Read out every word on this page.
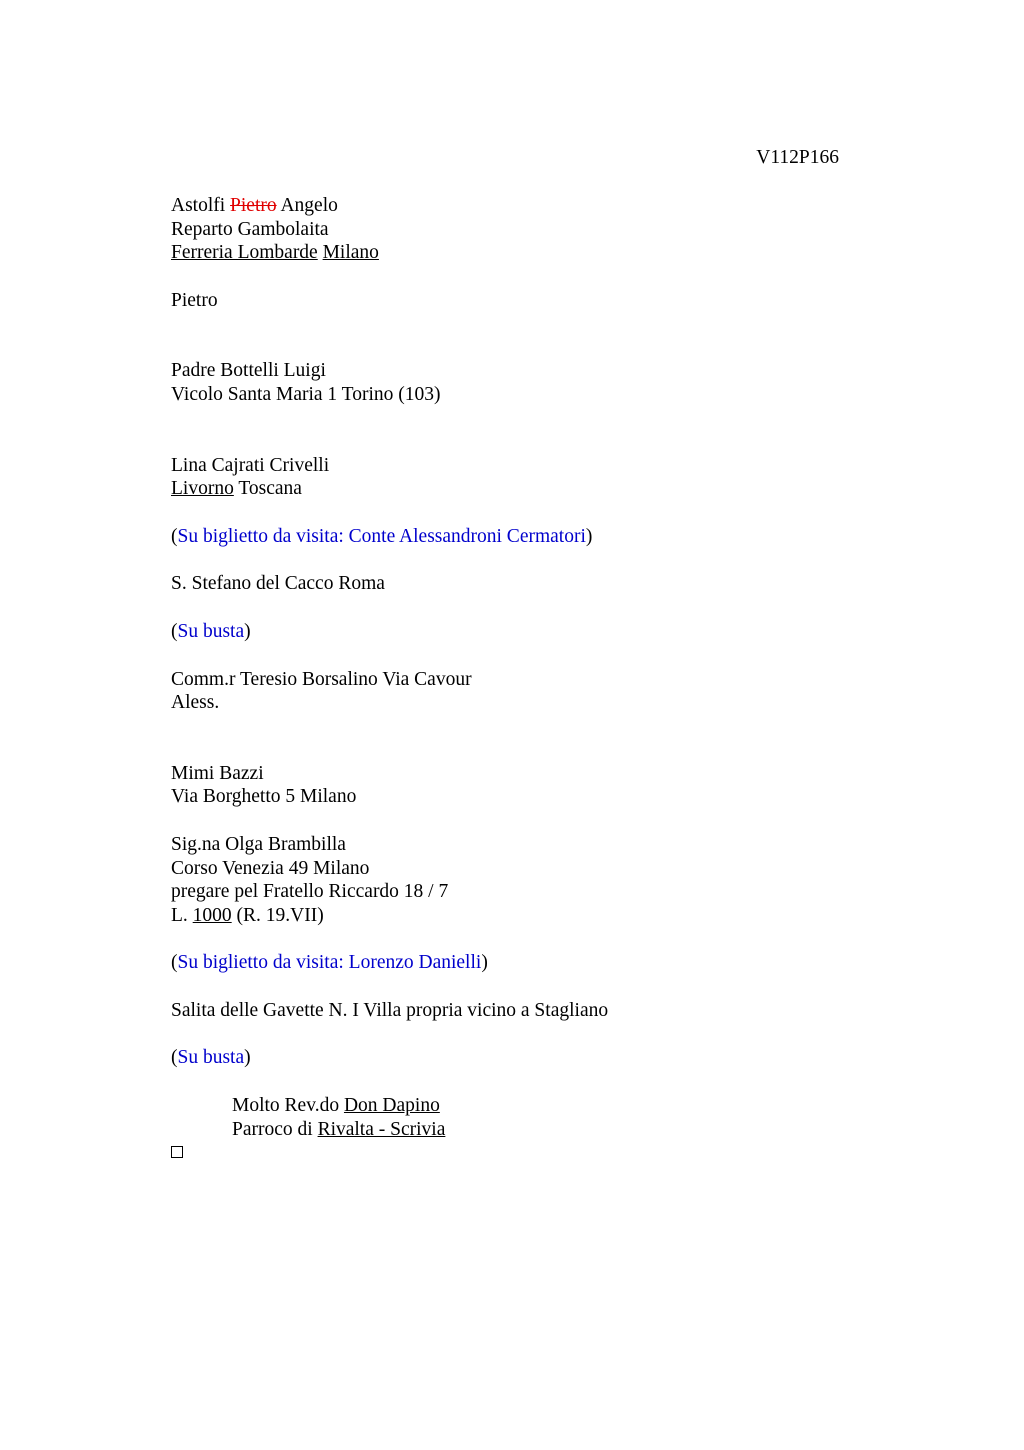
V112P166
Astolfi Pietro Angelo
Reparto Gambolaita
Ferreria Lombarde Milano
Pietro
Padre Bottelli Luigi
Vicolo Santa Maria 1 Torino (103)
Lina Cajrati Crivelli
Livorno Toscana
(Su biglietto da visita: Conte Alessandroni Cermatori)
S. Stefano del Cacco Roma
(Su busta)
Comm.r Teresio Borsalino Via Cavour
Aless.
Mimi Bazzi
Via Borghetto 5 Milano
Sig.na Olga Brambilla
Corso Venezia 49 Milano
pregare pel Fratello Riccardo 18 / 7
L. 1000 (R. 19.VII)
(Su biglietto da visita: Lorenzo Danielli)
Salita delle Gavette N. I Villa propria vicino a Stagliano
(Su busta)
Molto Rev.do Don Dapino
Parroco di Rivalta - Scrivia
